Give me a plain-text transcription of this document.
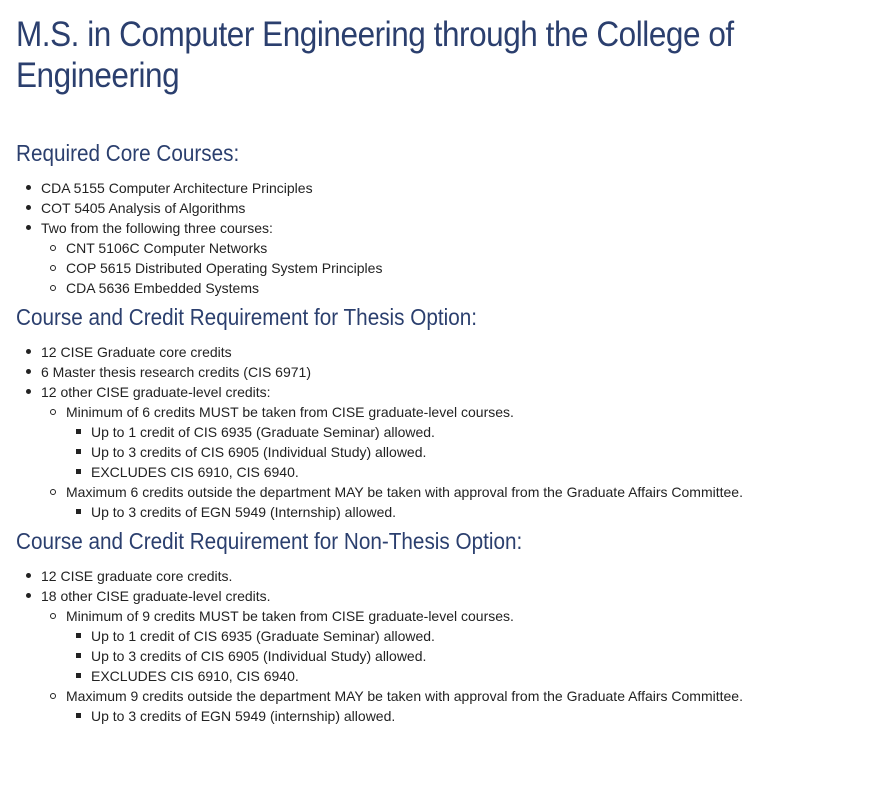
M.S. in Computer Engineering through the College of Engineering
Required Core Courses:
CDA 5155 Computer Architecture Principles
COT 5405 Analysis of Algorithms
Two from the following three courses:
CNT 5106C Computer Networks
COP 5615 Distributed Operating System Principles
CDA 5636 Embedded Systems
Course and Credit Requirement for Thesis Option:
12 CISE Graduate core credits
6 Master thesis research credits (CIS 6971)
12 other CISE graduate-level credits:
Minimum of 6 credits MUST be taken from CISE graduate-level courses.
Up to 1 credit of CIS 6935 (Graduate Seminar) allowed.
Up to 3 credits of CIS 6905 (Individual Study) allowed.
EXCLUDES CIS 6910, CIS 6940.
Maximum 6 credits outside the department MAY be taken with approval from the Graduate Affairs Committee.
Up to 3 credits of EGN 5949 (Internship) allowed.
Course and Credit Requirement for Non-Thesis Option:
12 CISE graduate core credits.
18 other CISE graduate-level credits.
Minimum of 9 credits MUST be taken from CISE graduate-level courses.
Up to 1 credit of CIS 6935 (Graduate Seminar) allowed.
Up to 3 credits of CIS 6905 (Individual Study) allowed.
EXCLUDES CIS 6910, CIS 6940.
Maximum 9 credits outside the department MAY be taken with approval from the Graduate Affairs Committee.
Up to 3 credits of EGN 5949 (internship) allowed.
